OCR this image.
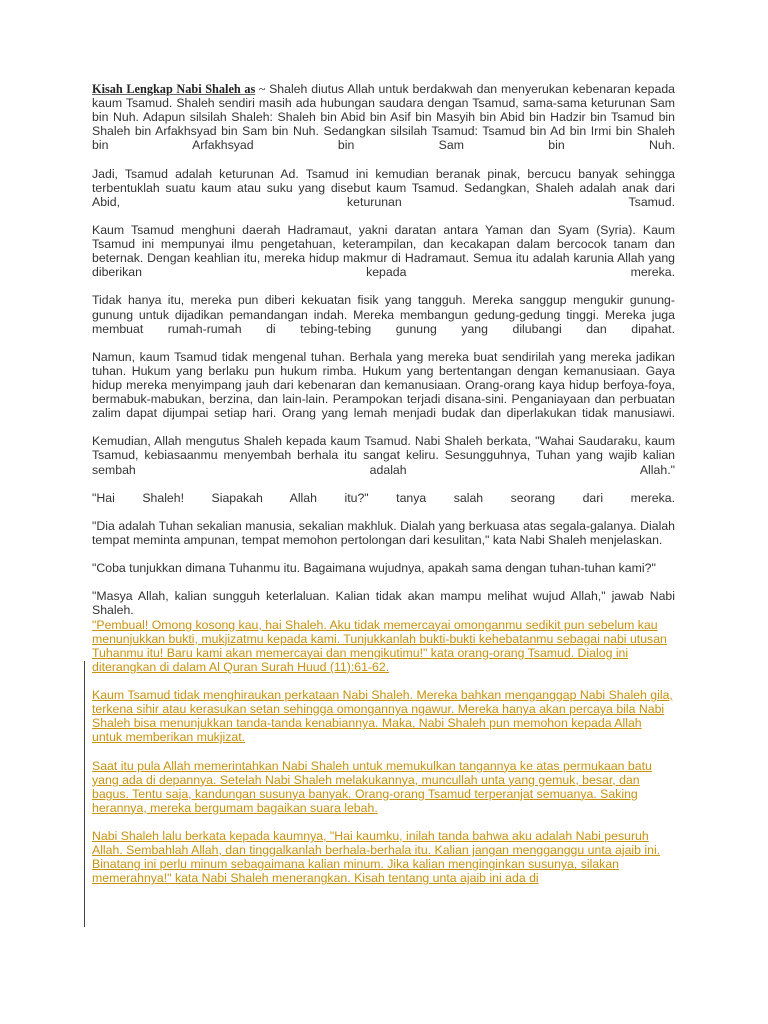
Kisah Lengkap Nabi Shaleh as ~ Shaleh diutus Allah untuk berdakwah dan menyerukan kebenaran kepada kaum Tsamud. Shaleh sendiri masih ada hubungan saudara dengan Tsamud, sama-sama keturunan Sam bin Nuh. Adapun silsilah Shaleh: Shaleh bin Abid bin Asif bin Masyih bin Abid bin Hadzir bin Tsamud bin Shaleh bin Arfakhsyad bin Sam bin Nuh. Sedangkan silsilah Tsamud: Tsamud bin Ad bin Irmi bin Shaleh bin Arfakhsyad bin Sam bin Nuh.

Jadi, Tsamud adalah keturunan Ad. Tsamud ini kemudian beranak pinak, bercucu banyak sehingga terbentuklah suatu kaum atau suku yang disebut kaum Tsamud. Sedangkan, Shaleh adalah anak dari Abid, keturunan Tsamud.

Kaum Tsamud menghuni daerah Hadramaut, yakni daratan antara Yaman dan Syam (Syria). Kaum Tsamud ini mempunyai ilmu pengetahuan, keterampilan, dan kecakapan dalam bercocok tanam dan beternak. Dengan keahlian itu, mereka hidup makmur di Hadramaut. Semua itu adalah karunia Allah yang diberikan kepada mereka.

Tidak hanya itu, mereka pun diberi kekuatan fisik yang tangguh. Mereka sanggup mengukir gunung-gunung untuk dijadikan pemandangan indah. Mereka membangun gedung-gedung tinggi. Mereka juga membuat rumah-rumah di tebing-tebing gunung yang dilubangi dan dipahat.

Namun, kaum Tsamud tidak mengenal tuhan. Berhala yang mereka buat sendirilah yang mereka jadikan tuhan. Hukum yang berlaku pun hukum rimba. Hukum yang bertentangan dengan kemanusiaan. Gaya hidup mereka menyimpang jauh dari kebenaran dan kemanusiaan. Orang-orang kaya hidup berfoya-foya, bermabuk-mabukan, berzina, dan lain-lain. Perampokan terjadi disana-sini. Penganiayaan dan perbuatan zalim dapat dijumpai setiap hari. Orang yang lemah menjadi budak dan diperlakukan tidak manusiawi.

Kemudian, Allah mengutus Shaleh kepada kaum Tsamud. Nabi Shaleh berkata, "Wahai Saudaraku, kaum Tsamud, kebiasaanmu menyembah berhala itu sangat keliru. Sesungguhnya, Tuhan yang wajib kalian sembah adalah Allah."

"Hai Shaleh! Siapakah Allah itu?" tanya salah seorang dari mereka.

"Dia adalah Tuhan sekalian manusia, sekalian makhluk. Dialah yang berkuasa atas segala-galanya. Dialah tempat meminta ampunan, tempat memohon pertolongan dari kesulitan," kata Nabi Shaleh menjelaskan.

"Coba tunjukkan dimana Tuhanmu itu. Bagaimana wujudnya, apakah sama dengan tuhan-tuhan kami?"

"Masya Allah, kalian sungguh keterlaluan. Kalian tidak akan mampu melihat wujud Allah," jawab Nabi Shaleh.

"Pembual! Omong kosong kau, hai Shaleh. Aku tidak memercayai omonganmu sedikit pun sebelum kau menunjukkan bukti, mukjizatmu kepada kami. Tunjukkanlah bukti-bukti kehebatanmu sebagai nabi utusan Tuhanmu itu! Baru kami akan memercayai dan mengikutimu!" kata orang-orang Tsamud. Dialog ini diterangkan di dalam Al Quran Surah Huud (11):61-62.

Kaum Tsamud tidak menghiraukan perkataan Nabi Shaleh. Mereka bahkan menganggap Nabi Shaleh gila, terkena sihir atau kerasukan setan sehingga omongannya ngawur. Mereka hanya akan percaya bila Nabi Shaleh bisa menunjukkan tanda-tanda kenabiannya. Maka, Nabi Shaleh pun memohon kepada Allah untuk memberikan mukjizat.

Saat itu pula Allah memerintahkan Nabi Shaleh untuk memukulkan tangannya ke atas permukaan batu yang ada di depannya. Setelah Nabi Shaleh melakukannya, muncullah unta yang gemuk, besar, dan bagus. Tentu saja, kandungan susunya banyak. Orang-orang Tsamud terperanjat semuanya. Saking herannya, mereka bergumam bagaikan suara lebah.

Nabi Shaleh lalu berkata kepada kaumnya, "Hai kaumku, inilah tanda bahwa aku adalah Nabi pesuruh Allah. Sembahlah Allah, dan tinggalkanlah berhala-berhala itu. Kalian jangan mengganggu unta ajaib ini. Binatang ini perlu minum sebagaimana kalian minum. Jika kalian menginginkan susunya, silakan memerahnya!" kata Nabi Shaleh menerangkan. Kisah tentang unta ajaib ini ada di
